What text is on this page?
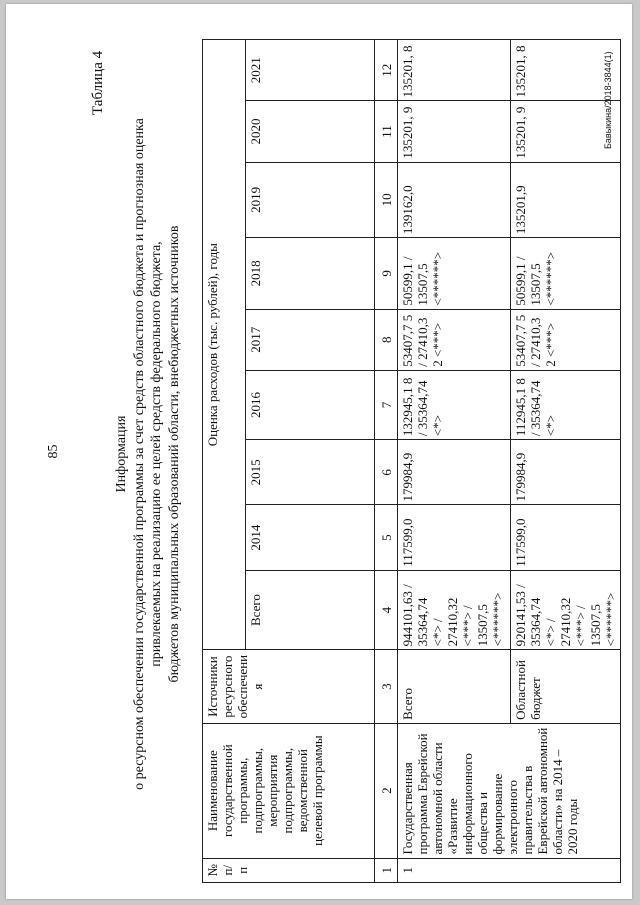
85
Таблица 4
Информация о ресурсном обеспечении государственной программы за счет средств областного бюджета и прогнозная оценка привлекаемых на реализацию ее целей средств федерального бюджета, бюджетов муниципальных образований области, внебюджетных источников
№ п/п	Наименование государственной программы, подпрограммы, мероприятия подпрограммы, ведомственной целевой программы	Источники ресурсного обеспечения	Оценка расходов (тыс. рублей), годы								
			Всего	2014	2015	2016	2017	2018	2019	2020	2021
1	2	3	4	5	6	7	8	9	10	11	12
1	Государственная программа Еврейской автономной области «Развитие информационного общества и формирование электронного правительства в Еврейской автономной области» на 2014 – 2020 годы	Всего	944101,63 / 35364,74 <*> / 27410,32 <***> / 13507,5 <******>	117599,0	179984,9	132945,1 8 / 35364,74 <*>	53407,7 5 / 27410,3 2 <***>	50599,1 / 13507,5 <******>	139162,0	135201, 9	135201, 8
		Областной бюджет	920141,53 / 35364,74 <*> / 27410,32 <***> / 13507,5 <******>	117599,0	179984,9	112945,1 8 / 35364,74 <*>	53407,7 5 / 27410,3 2 <***>	50599,1 / 13507,5 <******>	135201,9	135201, 9	135201, 8	Бавыкина/2018-3844(1)
